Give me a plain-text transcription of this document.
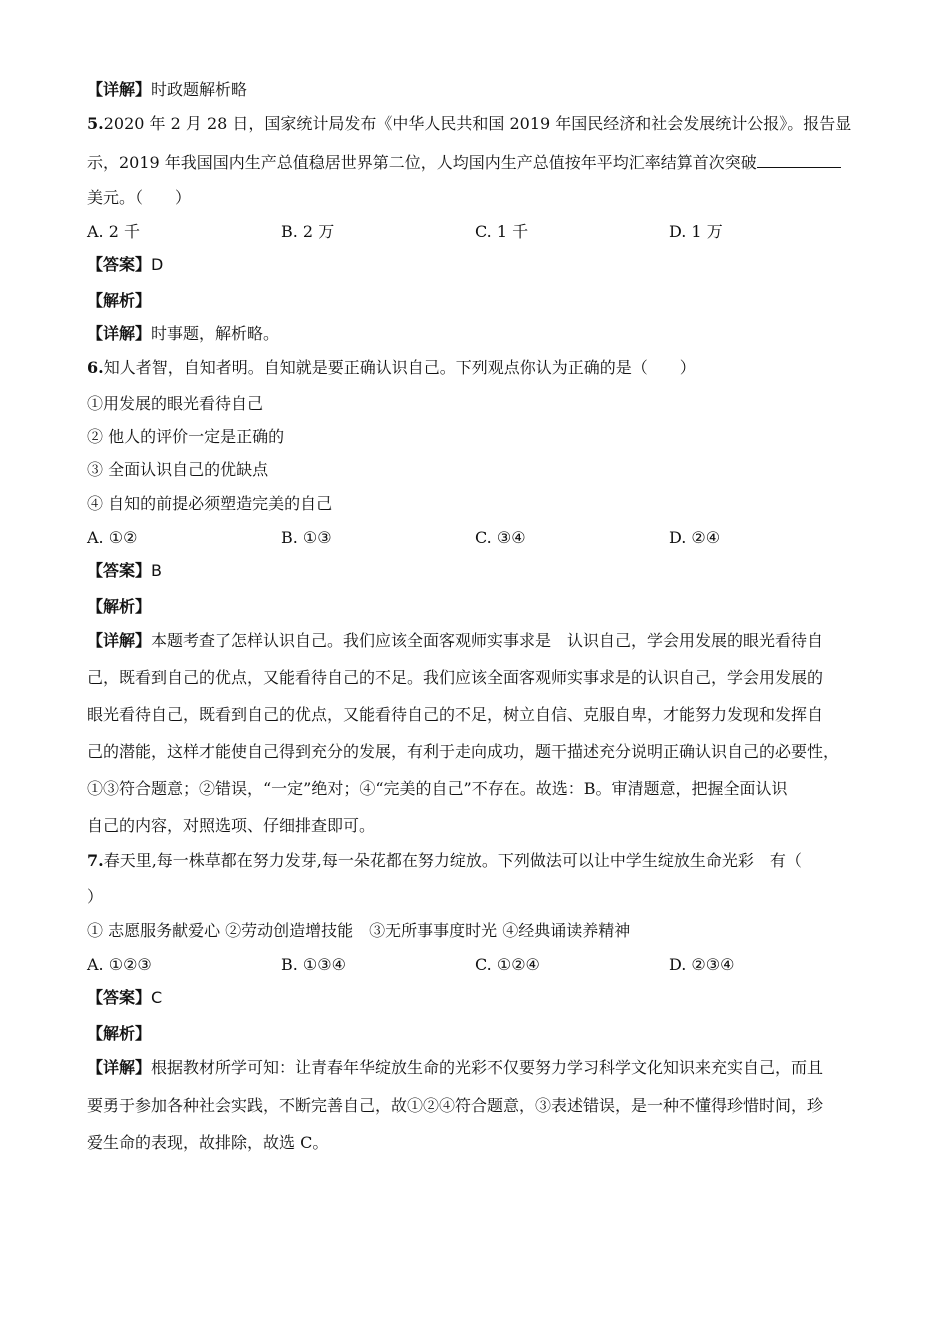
【详解】时政题解析略
5.2020 年 2 月 28 日，国家统计局发布《中华人民共和国 2019 年国民经济和社会发展统计公报》。报告显
示，2019 年我国国内生产总值稳居世界第二位，人均国内生产总值按年平均汇率结算首次突破
美元。（　　）
A. 2 千	B. 2 万	C. 1 千	D. 1 万
【答案】D
【解析】
【详解】时事题，解析略。
6.知人者智，自知者明。自知就是要正确认识自己。下列观点你认为正确的是（　　）
①用发展的眼光看待自己
② 他人的评价一定是正确的
③ 全面认识自己的优缺点
④ 自知的前提必须塑造完美的自己
A. ①②	B. ①③	C. ③④	D. ②④
【答案】B
【解析】
【详解】本题考查了怎样认识自己。我们应该全面客观师实事求是　认识自己，学会用发展的眼光看待自
己，既看到自己的优点，又能看待自己的不足。我们应该全面客观师实事求是的认识自己，学会用发展的
眼光看待自己，既看到自己的优点，又能看待自己的不足，树立自信、克服自卑，才能努力发现和发挥自
己的潜能，这样才能使自己得到充分的发展，有利于走向成功，题干描述充分说明正确认识自己的必要性，
①③符合题意；②错误，“一定”绝对；④“完美的自己”不存在。故选：B。审清题意，把握全面认识
自己的内容，对照选项、仔细排查即可。
7.春天里,每一株草都在努力发芽,每一朵花都在努力绽放。下列做法可以让中学生绽放生命光彩　有（
）
① 志愿服务献爱心 ②劳动创造增技能　③无所事事度时光 ④经典诵读养精神
A. ①②③	B. ①③④	C. ①②④	D. ②③④
【答案】C
【解析】
【详解】根据教材所学可知：让青春年华绽放生命的光彩不仅要努力学习科学文化知识来充实自己，而且
要勇于参加各种社会实践，不断完善自己，故①②④符合题意，③表述错误，是一种不懂得珍惜时间，珍
爱生命的表现，故排除，故选 C。
